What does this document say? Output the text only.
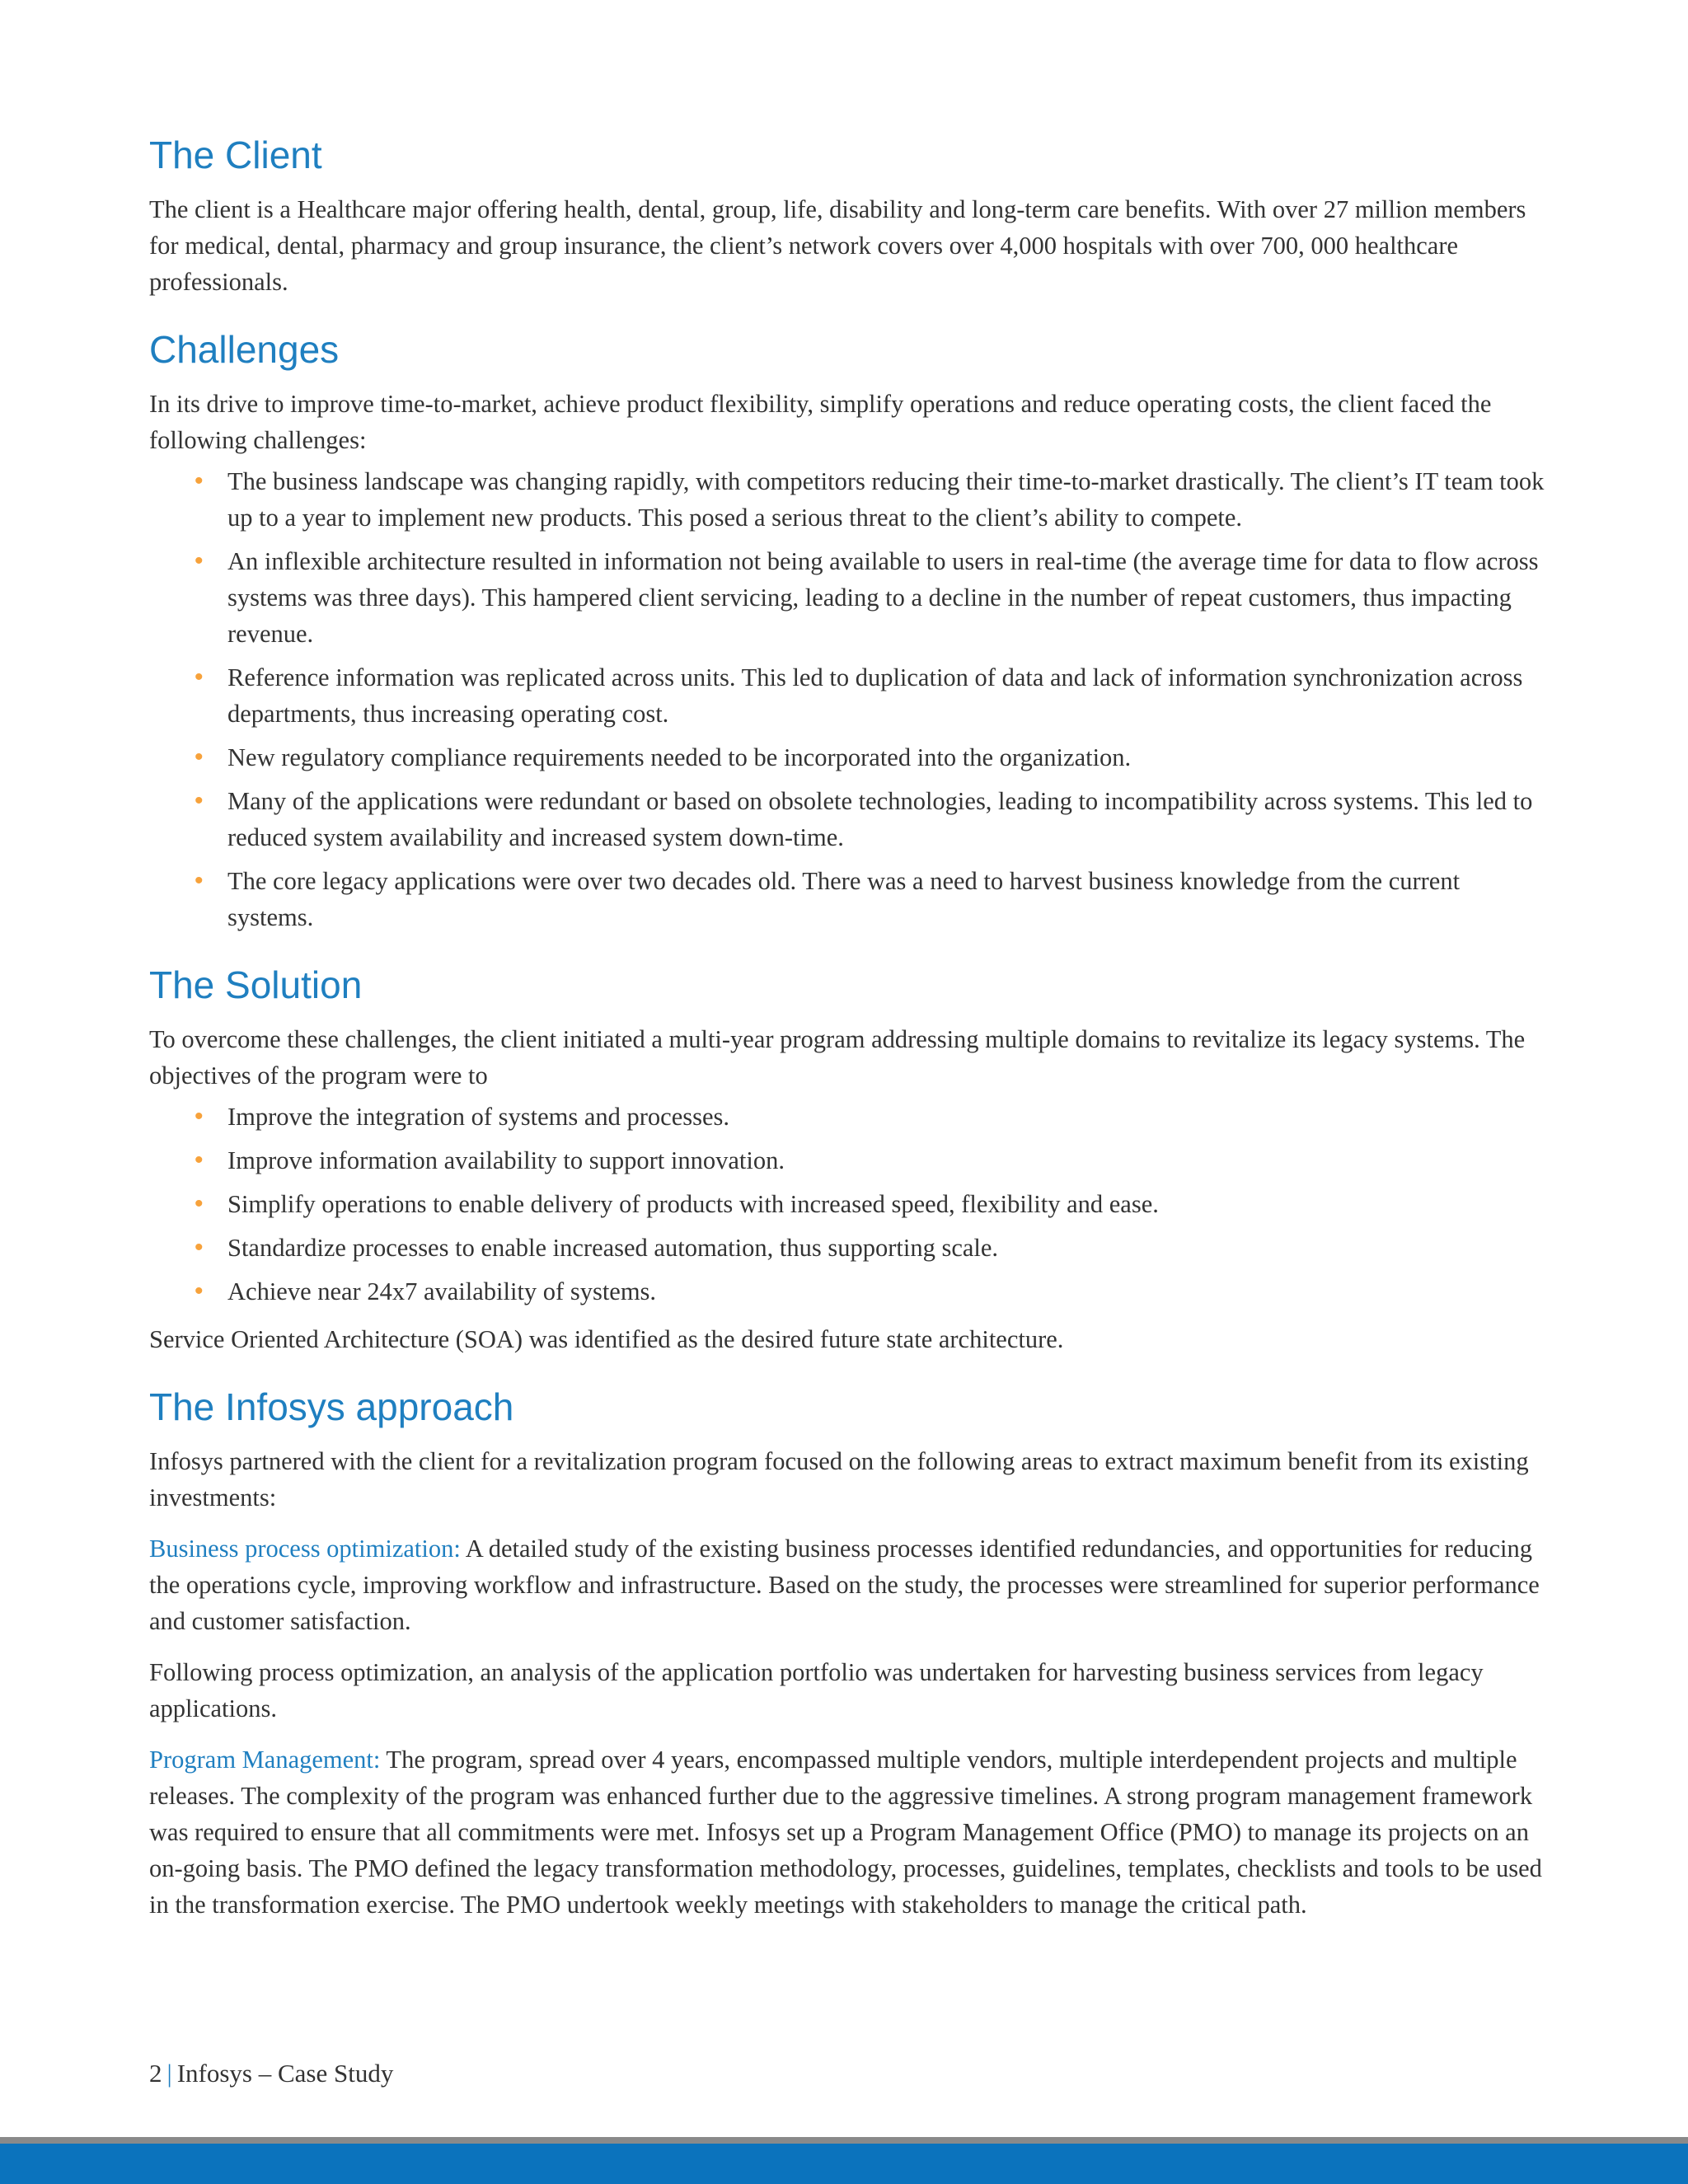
The Client

The client is a Healthcare major offering health, dental, group, life, disability and long-term care benefits. With over 27 million members for medical, dental, pharmacy and group insurance, the client’s network covers over 4,000 hospitals with over 700, 000 healthcare professionals.

Challenges

In its drive to improve time-to-market, achieve product flexibility, simplify operations and reduce operating costs, the client faced the following challenges:

• The business landscape was changing rapidly, with competitors reducing their time-to-market drastically. The client’s IT team took up to a year to implement new products. This posed a serious threat to the client’s ability to compete.
• An inflexible architecture resulted in information not being available to users in real-time (the average time for data to flow across systems was three days). This hampered client servicing, leading to a decline in the number of repeat customers, thus impacting revenue.
• Reference information was replicated across units. This led to duplication of data and lack of information synchronization across departments, thus increasing operating cost.
• New regulatory compliance requirements needed to be incorporated into the organization.
• Many of the applications were redundant or based on obsolete technologies, leading to incompatibility across systems. This led to reduced system availability and increased system down-time.
• The core legacy applications were over two decades old. There was a need to harvest business knowledge from the current systems.
The Solution

To overcome these challenges, the client initiated a multi-year program addressing multiple domains to revitalize its legacy systems. The objectives of the program were to

• Improve the integration of systems and processes.
• Improve information availability to support innovation.
• Simplify operations to enable delivery of products with increased speed, flexibility and ease.
• Standardize processes to enable increased automation, thus supporting scale.
• Achieve near 24x7 availability of systems.

Service Oriented Architecture (SOA) was identified as the desired future state architecture.

The Infosys approach

Infosys partnered with the client for a revitalization program focused on the following areas to extract maximum benefit from its existing investments:

Business process optimization: A detailed study of the existing business processes identified redundancies, and opportunities for reducing the operations cycle, improving workflow and infrastructure. Based on the study, the processes were streamlined for superior performance and customer satisfaction.

Following process optimization, an analysis of the application portfolio was undertaken for harvesting business services from legacy applications.

Program Management: The program, spread over 4 years, encompassed multiple vendors, multiple interdependent projects and multiple releases. The complexity of the program was enhanced further due to the aggressive timelines. A strong program management framework was required to ensure that all commitments were met. Infosys set up a Program Management Office (PMO) to manage its projects on an on-going basis. The PMO defined the legacy transformation methodology, processes, guidelines, templates, checklists and tools to be used in the transformation exercise. The PMO undertook weekly meetings with stakeholders to manage the critical path.

2 | Infosys – Case Study
